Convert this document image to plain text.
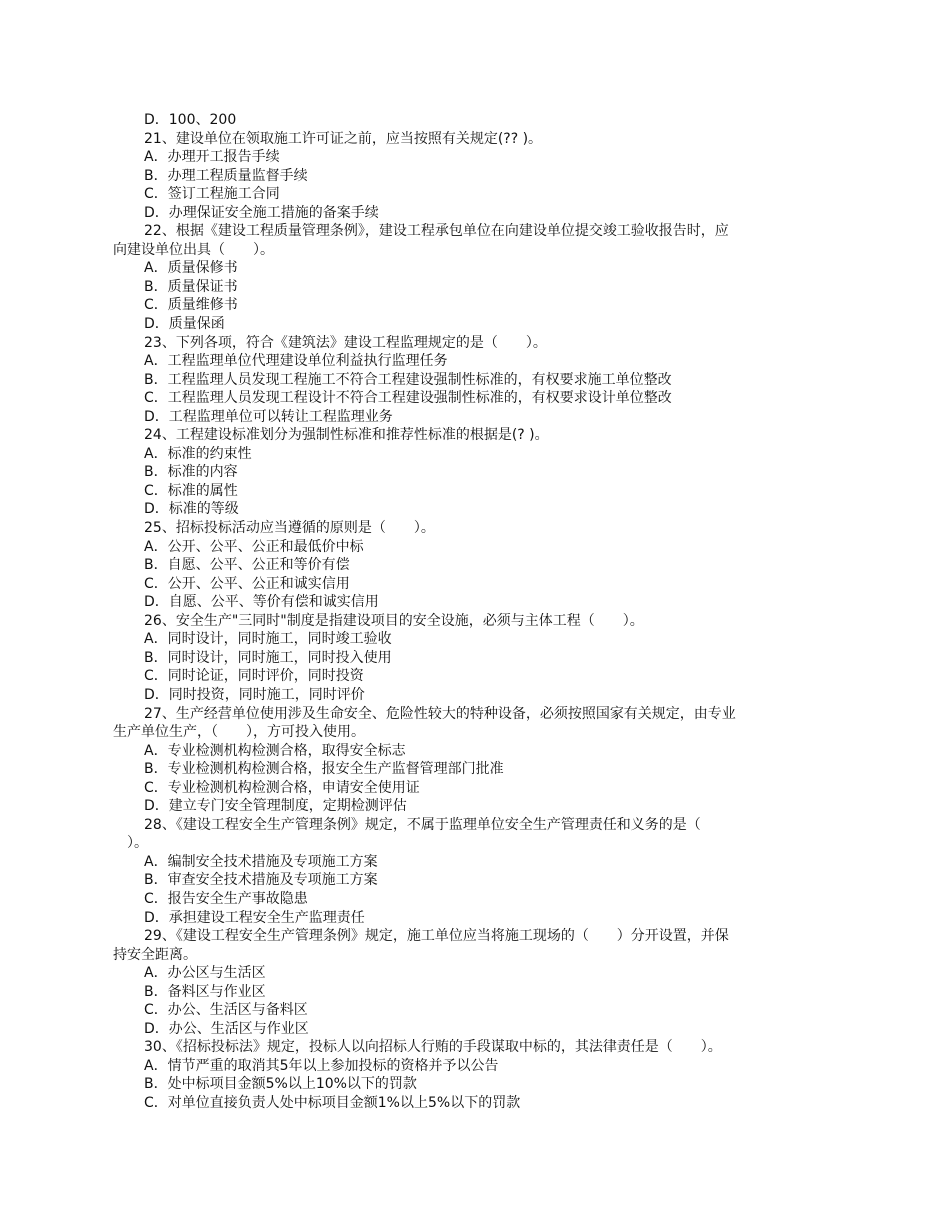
D．100、200
21、建设单位在领取施工许可证之前，应当按照有关规定(?? )。
A．办理开工报告手续
B．办理工程质量监督手续
C．签订工程施工合同
D．办理保证安全施工措施的备案手续
22、根据《建设工程质量管理条例》，建设工程承包单位在向建设单位提交竣工验收报告时，应
向建设单位出具（　　）。
A．质量保修书
B．质量保证书
C．质量维修书
D．质量保函
23、下列各项，符合《建筑法》建设工程监理规定的是（　　）。
A．工程监理单位代理建设单位利益执行监理任务
B．工程监理人员发现工程施工不符合工程建设强制性标准的，有权要求施工单位整改
C．工程监理人员发现工程设计不符合工程建设强制性标准的，有权要求设计单位整改
D．工程监理单位可以转让工程监理业务
24、工程建设标准划分为强制性标准和推荐性标准的根据是(? )。
A．标准的约束性
B．标准的内容
C．标准的属性
D．标准的等级
25、招标投标活动应当遵循的原则是（　　）。
A．公开、公平、公正和最低价中标
B．自愿、公平、公正和等价有偿
C．公开、公平、公正和诚实信用
D．自愿、公平、等价有偿和诚实信用
26、安全生产"三同时"制度是指建设项目的安全设施，必须与主体工程（　　）。
A．同时设计，同时施工，同时竣工验收
B．同时设计，同时施工，同时投入使用
C．同时论证，同时评价，同时投资
D．同时投资，同时施工，同时评价
27、生产经营单位使用涉及生命安全、危险性较大的特种设备，必须按照国家有关规定，由专业
生产单位生产，（　　），方可投入使用。
A．专业检测机构检测合格，取得安全标志
B．专业检测机构检测合格，报安全生产监督管理部门批准
C．专业检测机构检测合格，申请安全使用证
D．建立专门安全管理制度，定期检测评估
28、《建设工程安全生产管理条例》规定，不属于监理单位安全生产管理责任和义务的是（
　）。
A．编制安全技术措施及专项施工方案
B．审查安全技术措施及专项施工方案
C．报告安全生产事故隐患
D．承担建设工程安全生产监理责任
29、《建设工程安全生产管理条例》规定，施工单位应当将施工现场的（　　）分开设置，并保
持安全距离。
A．办公区与生活区
B．备料区与作业区
C．办公、生活区与备料区
D．办公、生活区与作业区
30、《招标投标法》规定，投标人以向招标人行贿的手段谋取中标的，其法律责任是（　　）。
A．情节严重的取消其5年以上参加投标的资格并予以公告
B．处中标项目金额5%以上10%以下的罚款
C．对单位直接负责人处中标项目金额1%以上5%以下的罚款
